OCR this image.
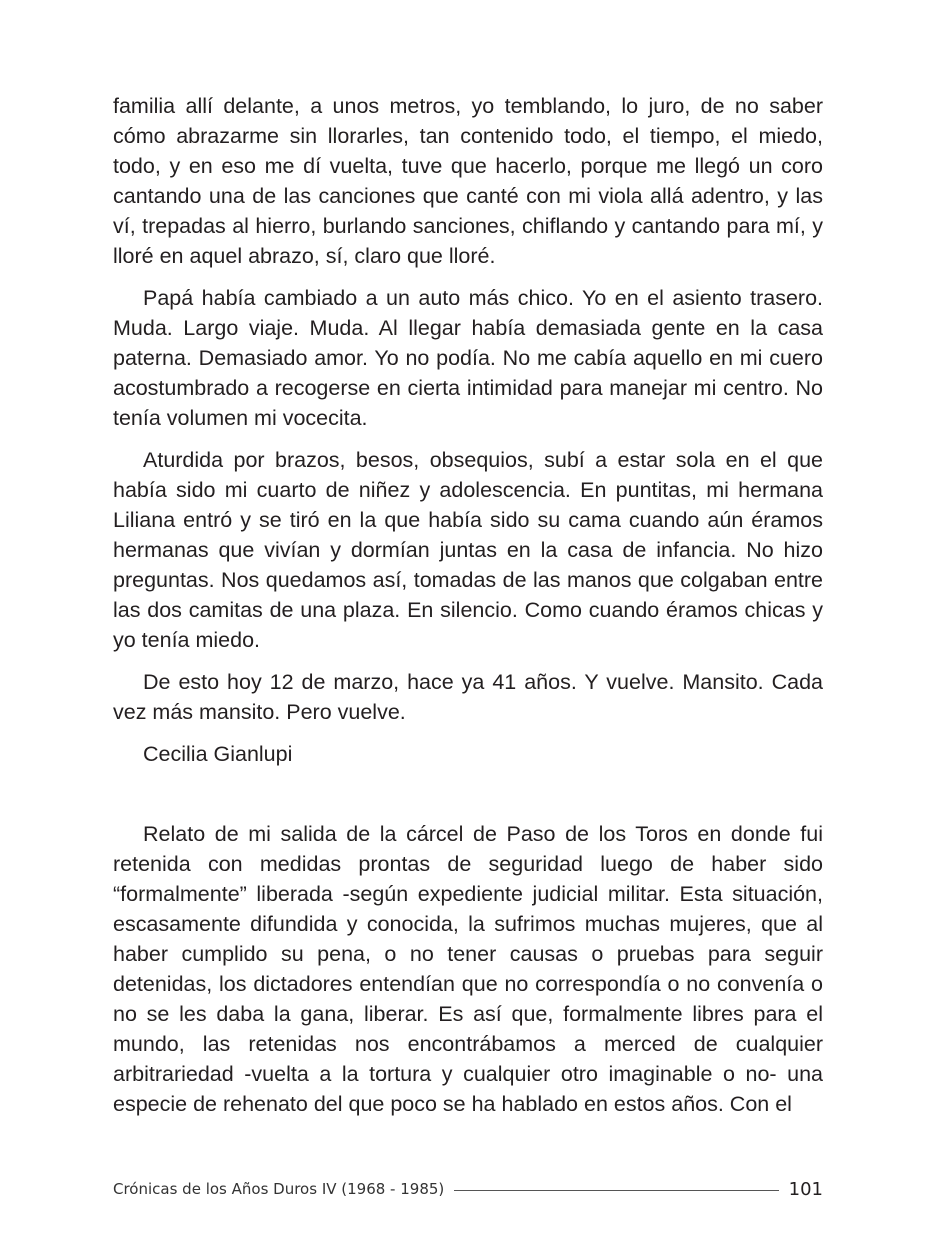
familia allí delante, a unos metros, yo temblando, lo juro, de no saber cómo abrazarme sin llorarles, tan contenido todo, el tiempo, el miedo, todo, y en eso me dí vuelta, tuve que hacerlo, porque me llegó un coro cantando una de las canciones que canté con mi viola allá adentro, y las ví, trepadas al hierro, burlando sanciones, chiflando y cantando para mí, y lloré en aquel abrazo, sí, claro que lloré.

Papá había cambiado a un auto más chico. Yo en el asiento trasero. Muda. Largo viaje. Muda. Al llegar había demasiada gente en la casa paterna. Demasiado amor. Yo no podía. No me cabía aquello en mi cuero acostumbrado a recogerse en cierta intimidad para manejar mi centro. No tenía volumen mi vocecita.

Aturdida por brazos, besos, obsequios, subí a estar sola en el que había sido mi cuarto de niñez y adolescencia. En puntitas, mi hermana Liliana entró y se tiró en la que había sido su cama cuando aún éramos hermanas que vivían y dormían juntas en la casa de infancia. No hizo preguntas. Nos quedamos así, tomadas de las manos que colgaban entre las dos camitas de una plaza. En silencio. Como cuando éramos chicas y yo tenía miedo.

De esto hoy 12 de marzo, hace ya 41 años. Y vuelve. Mansito. Cada vez más mansito. Pero vuelve.

Cecilia Gianlupi

Relato de mi salida de la cárcel de Paso de los Toros en donde fui retenida con medidas prontas de seguridad luego de haber sido “formalmente” liberada -según expediente judicial militar. Esta situación, escasamente difundida y conocida, la sufrimos muchas mujeres, que al haber cumplido su pena, o no tener causas o pruebas para seguir detenidas, los dictadores entendían que no correspondía o no convenía o no se les daba la gana, liberar. Es así que, formalmente libres para el mundo, las retenidas nos encontrábamos a merced de cualquier arbitrariedad -vuelta a la tortura y cualquier otro imaginable o no- una especie de rehenato del que poco se ha hablado en estos años. Con el

Crónicas de los Años Duros IV (1968 - 1985)	101
